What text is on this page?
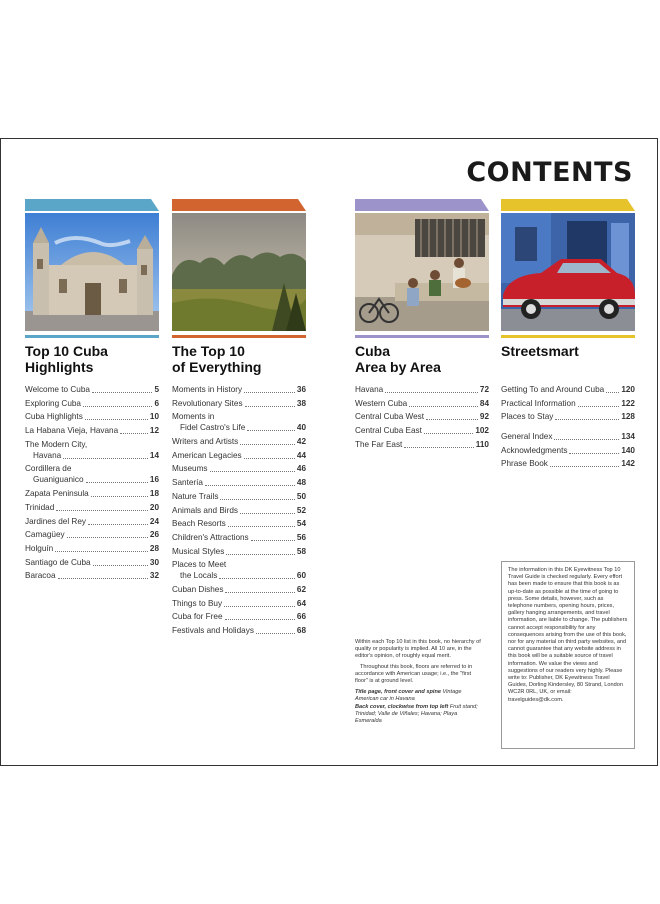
CONTENTS
Top 10 Cuba
Highlights
Welcome to Cuba	5
Exploring Cuba	6
Cuba Highlights	10
La Habana Vieja, Havana	12
The Modern City,
Havana	14
Cordillera de
Guaniguanico	16
Zapata Peninsula	18
Trinidad	20
Jardines del Rey	24
Camagüey	26
Holguín	28
Santiago de Cuba	30
Baracoa	32
The Top 10
of Everything
Moments in History	36
Revolutionary Sites	38
Moments in
Fidel Castro's Life	40
Writers and Artists	42
American Legacies	44
Museums	46
Santería	48
Nature Trails	50
Animals and Birds	52
Beach Resorts	54
Children's Attractions	56
Musical Styles	58
Places to Meet
the Locals	60
Cuban Dishes	62
Things to Buy	64
Cuba for Free	66
Festivals and Holidays	68
Cuba
Area by Area
Havana	72
Western Cuba	84
Central Cuba West	92
Central Cuba East	102
The Far East	110
Streetsmart
Getting To and Around Cuba 120
Practical Information	122
Places to Stay	128
General Index	134
Acknowledgments	140
Phrase Book	142

Within each Top 10 list in this book, no hierarchy of quality or popularity is implied. All 10 are, in the editor's opinion, of roughly equal merit.

Throughout this book, floors are referred to in accordance with American usage; i.e., the "first floor" is at ground level.

Title page, front cover and spine Vintage American car in Havana

Back cover, clockwise from top left Fruit stand; Trinidad; Valle de Viñales; Havana; Playa Esmeralda

The information in this DK Eyewitness Top 10 Travel Guide is checked regularly. Every effort has been made to ensure that this book is as up-to-date as possible at the time of going to press. Some details, however, such as telephone numbers, opening hours, prices, gallery hanging arrangements, and travel information, are liable to change. The publishers cannot accept responsibility for any consequences arising from the use of this book, nor for any material on third party websites, and cannot guarantee that any website address in this book will be a suitable source of travel information. We value the views and suggestions of our readers very highly. Please write to: Publisher, DK Eyewitness Travel Guides, Dorling Kindersley, 80 Strand, London WC2R 0RL, UK, or email: travelguides@dk.com.
